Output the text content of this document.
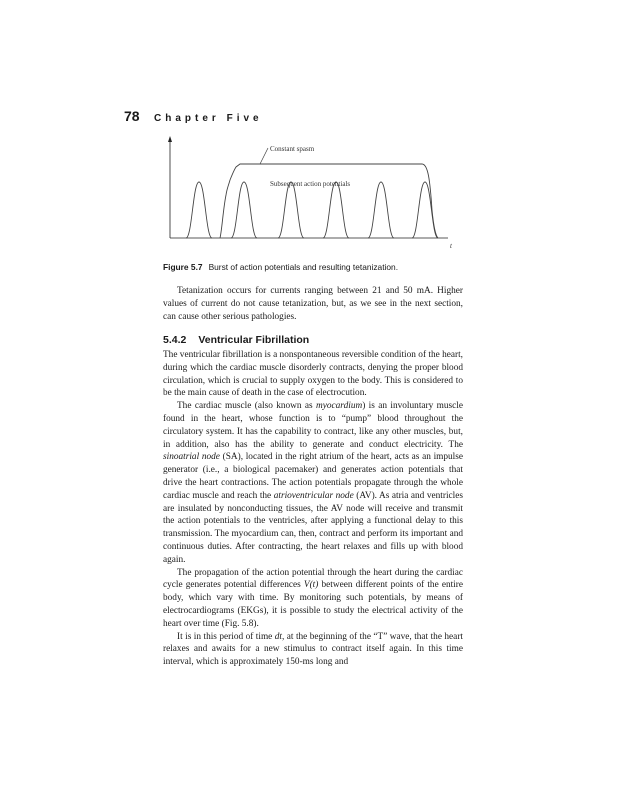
78 Chapter Five
Constant spasm
Subsequent action potentials
t
Figure 5.7 Burst of action potentials and resulting tetanization.

Tetanization occurs for currents ranging between 21 and 50 mA. Higher values of current do not cause tetanization, but, as we see in the next section, can cause other serious pathologies.

5.4.2 Ventricular Fibrillation

The ventricular fibrillation is a nonspontaneous reversible condition of the heart, during which the cardiac muscle disorderly contracts, denying the proper blood circulation, which is crucial to supply oxygen to the body. This is considered to be the main cause of death in the case of electrocution.

The cardiac muscle (also known as myocardium) is an involuntary muscle found in the heart, whose function is to “pump” blood throughout the circulatory system. It has the capability to contract, like any other muscles, but, in addition, also has the ability to generate and conduct electricity. The sinoatrial node (SA), located in the right atrium of the heart, acts as an impulse generator (i.e., a biological pacemaker) and generates action potentials that drive the heart contractions. The action potentials propagate through the whole cardiac muscle and reach the atrioventricular node (AV). As atria and ventricles are insulated by nonconducting tissues, the AV node will receive and transmit the action potentials to the ventricles, after applying a functional delay to this transmission. The myocardium can, then, contract and perform its important and continuous duties. After contracting, the heart relaxes and fills up with blood again.

The propagation of the action potential through the heart during the cardiac cycle generates potential differences V(t) between different points of the entire body, which vary with time. By monitoring such potentials, by means of electrocardiograms (EKGs), it is possible to study the electrical activity of the heart over time (Fig. 5.8).

It is in this period of time dt, at the beginning of the “T” wave, that the heart relaxes and awaits for a new stimulus to contract itself again. In this time interval, which is approximately 150-ms long and
